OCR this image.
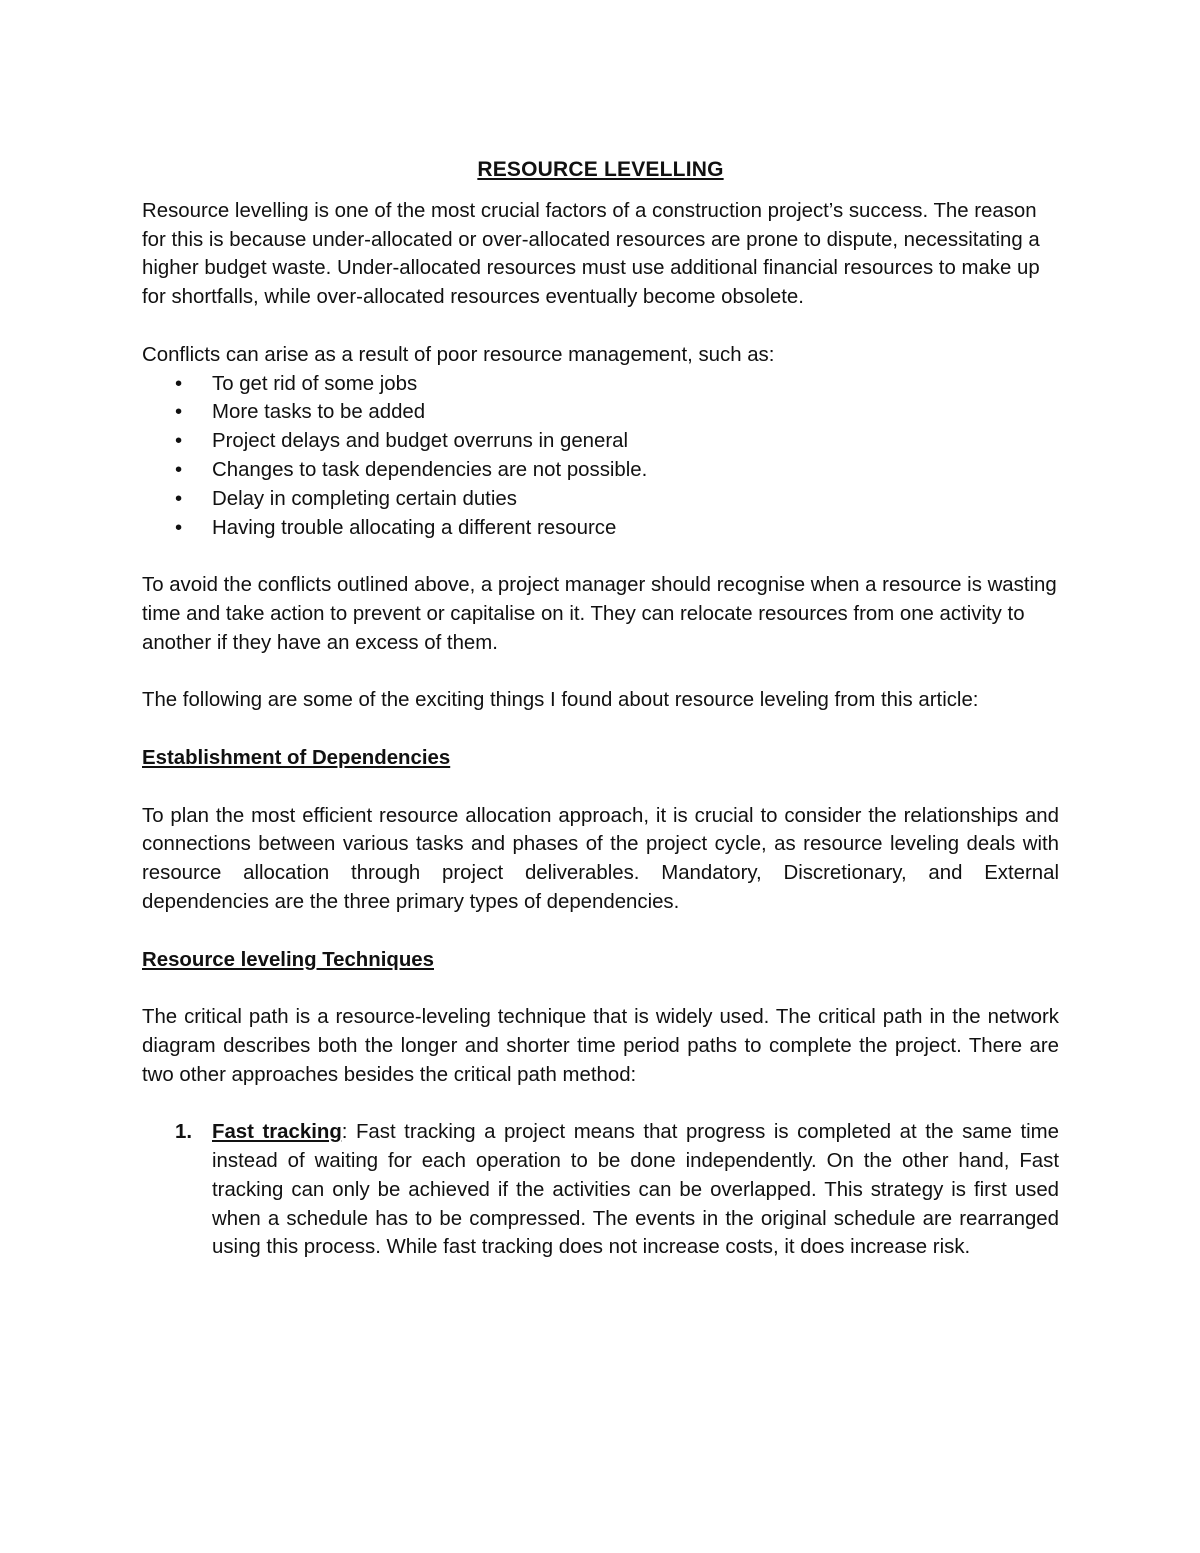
RESOURCE LEVELLING

Resource levelling is one of the most crucial factors of a construction project’s success. The reason for this is because under-allocated or over-allocated resources are prone to dispute, necessitating a higher budget waste. Under-allocated resources must use additional financial resources to make up for shortfalls, while over-allocated resources eventually become obsolete.

Conflicts can arise as a result of poor resource management, such as:

• To get rid of some jobs
• More tasks to be added
• Project delays and budget overruns in general
• Changes to task dependencies are not possible.
• Delay in completing certain duties
• Having trouble allocating a different resource

To avoid the conflicts outlined above, a project manager should recognise when a resource is wasting time and take action to prevent or capitalise on it. They can relocate resources from one activity to another if they have an excess of them.

The following are some of the exciting things I found about resource leveling from this article:

Establishment of Dependencies

To plan the most efficient resource allocation approach, it is crucial to consider the relationships and connections between various tasks and phases of the project cycle, as resource leveling deals with resource allocation through project deliverables. Mandatory, Discretionary, and External dependencies are the three primary types of dependencies.

Resource leveling Techniques

The critical path is a resource-leveling technique that is widely used. The critical path in the network diagram describes both the longer and shorter time period paths to complete the project. There are two other approaches besides the critical path method:

1. Fast tracking: Fast tracking a project means that progress is completed at the same time instead of waiting for each operation to be done independently. On the other hand, Fast tracking can only be achieved if the activities can be overlapped. This strategy is first used when a schedule has to be compressed. The events in the original schedule are rearranged using this process. While fast tracking does not increase costs, it does increase risk.
